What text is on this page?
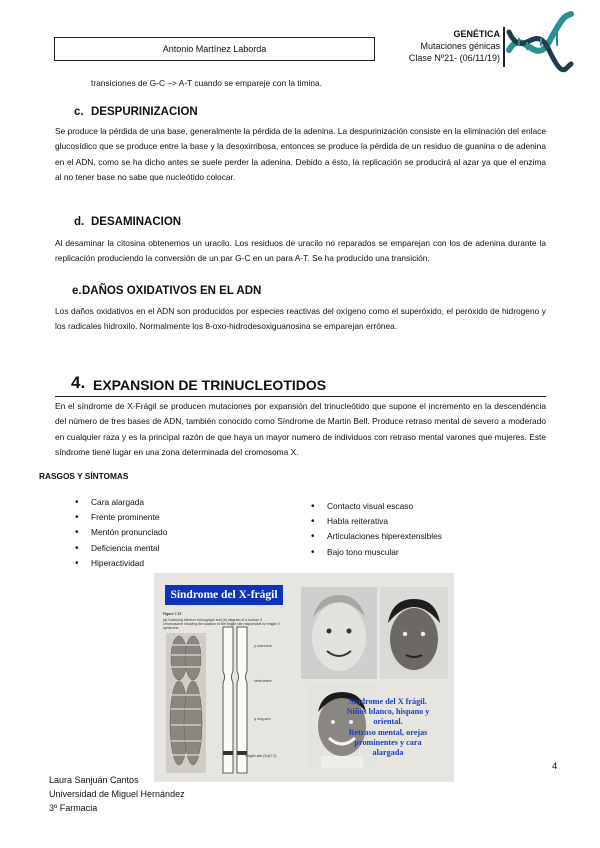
Antonio Martínez Laborda
GENÉTICA
Mutaciones génicas
Clase Nº21- (06/11/19)
transiciones de G-C –> A-T cuando se empareje con la timina.
c. DESPURINIZACION
Se produce la pérdida de una base, generalmente la pérdida de la adenina. La despurinización consiste en la eliminación del enlace glucosídico que se produce entre la base y la desoxirribosa, entonces se produce la pérdida de un residuo de guanina o de adenina en el ADN, como se ha dicho antes se suele perder la adenina. Debido a ésto, la replicación se producirá al azar ya que el enzima al no tener base no sabe que nucleótido colocar.
d. DESAMINACION
Al desaminar la citosina obtenemos un uracilo. Los residuos de uracilo no reparados se emparejan con los de adenina durante la replicación produciendo la conversión de un par G-C en un para A-T. Se ha producido una transición.
e. DAÑOS OXIDATIVOS EN EL ADN
Los daños oxidativos en el ADN son producidos por especies reactivas del oxígeno como el superóxido, el peróxido de hidrogeno y los radicales hidroxilo. Normalmente los 8-oxo-hidrodesoxiguanosina se emparejan errónea.
4. EXPANSION DE TRINUCLEOTIDOS
En el síndrome de X-Frágil se producen mutaciones por expansión del trinucleótido que supone el incremento en la descendencia del número de tres bases de ADN, también conocido como Síndrome de Martin Bell. Produce retraso mental de severo a moderado en cualquier raza y es la principal razón de que haya un mayor numero de individuos con retraso mental varones que mujeres. Este síndrome tiene lugar en una zona determinada del cromosoma X.
RASGOS Y SÍNTOMAS
• Cara alargada
• Frente prominente
• Mentón pronunciado
• Deficiencia mental
• Hiperactividad
• Contacto visual escaso
• Habla reiterativa
• Articulaciones hiperextensibles
• Bajo tono muscular
Síndrome del X-frágil
Figure 7.37
(a) Scanning electron micrograph and (b) diagram of a human X chromosome showing the location of the fragile site responsible for fragile X syndrome.
p short arm
centromere
q long arm
Fragile site (Xq27.3)
Síndrome del X frágil.
Niños blanco, hispano y
oriental.
Retraso mental, orejas
prominentes y cara
alargada
4
Laura Sanjuán Cantos
Universidad de Miguel Hernández
3º Farmacia
